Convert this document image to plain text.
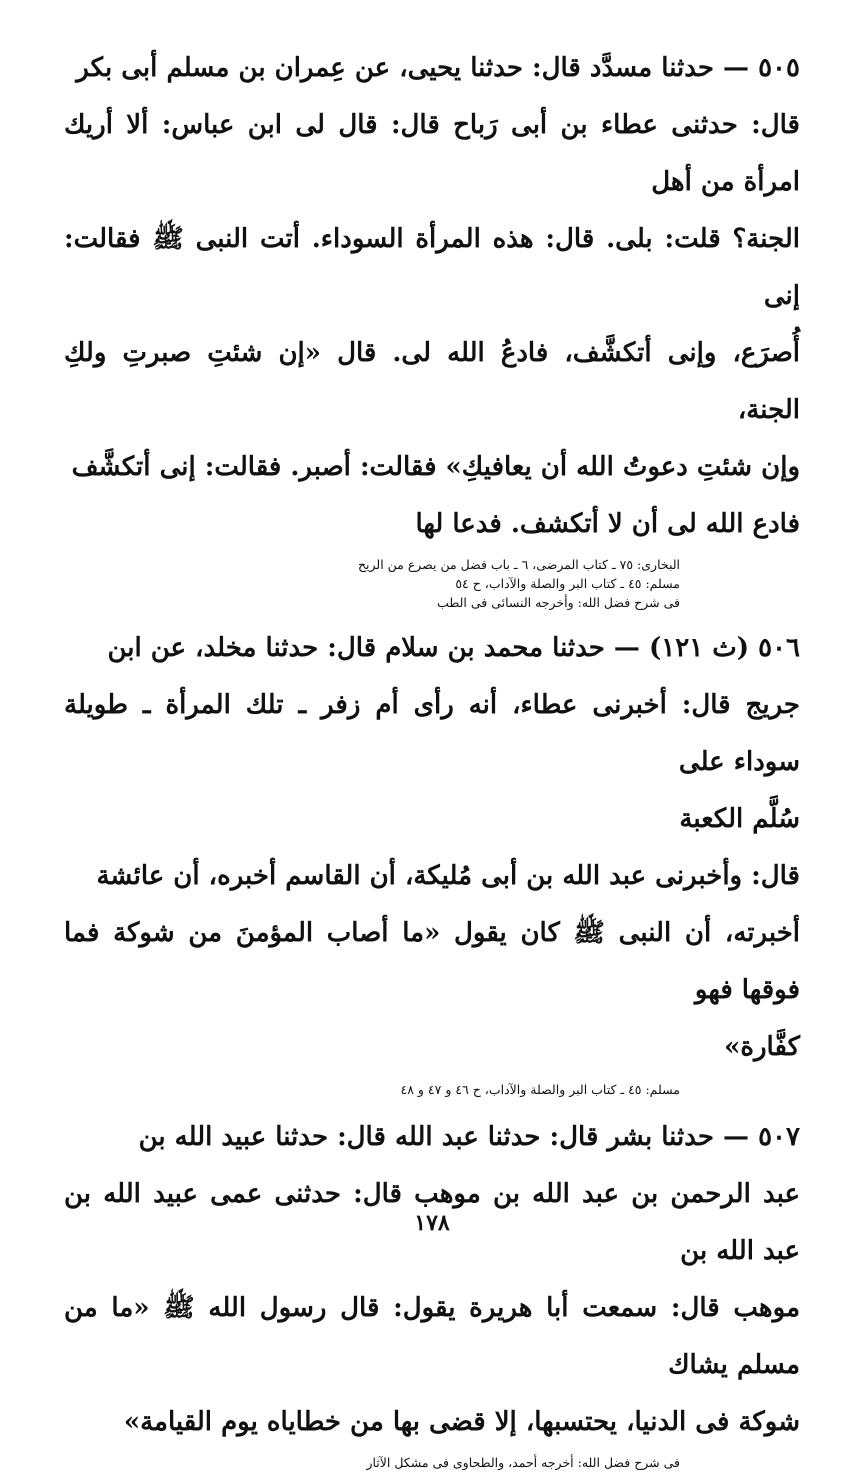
٥٠٥ — حدثنا مسدَّد قال: حدثنا يحيى، عن عِمران بن مسلم أبى بكر
قال: حدثنى عطاء بن أبى رَباح قال: قال لى ابن عباس: ألا أريك امرأة من أهل
الجنة؟ قلت: بلى. قال: هذه المرأة السوداء. أتت النبى ﷺ فقالت: إنى
أُصرَع، وإنى أتكشَّف، فادعُ الله لى. قال «إن شئتِ صبرتِ ولكِ الجنة،
وإن شئتِ دعوتُ الله أن يعافيكِ» فقالت: أصبر. فقالت: إنى أتكشَّف
فادع الله لى أن لا أتكشف. فدعا لها
البخارى: ٧٥ ـ كتاب المرضى، ٦ ـ باب فضل من يصرع من الريح
مسلم: ٤٥ ـ كتاب البر والصلة والآداب، ح ٥٤
فى شرح فضل الله: وأخرجه النسائى فى الطب
٥٠٦ (ث ١٢١) — حدثنا محمد بن سلام قال: حدثنا مخلد، عن ابن
جريج قال: أخبرنى عطاء، أنه رأى أم زفر ـ تلك المرأة ـ طويلة سوداء على
سُلَّم الكعبة
قال: وأخبرنى عبد الله بن أبى مُليكة، أن القاسم أخبره، أن عائشة
أخبرته، أن النبى ﷺ كان يقول «ما أصاب المؤمنَ من شوكة فما فوقها فهو
كفَّارة»
مسلم: ٤٥ ـ كتاب البر والصلة والآداب، ح ٤٦ و ٤٧ و ٤٨
٥٠٧ — حدثنا بشر قال: حدثنا عبد الله قال: حدثنا عبيد الله بن
عبد الرحمن بن عبد الله بن موهب قال: حدثنى عمى عبيد الله بن عبد الله بن
موهب قال: سمعت أبا هريرة يقول: قال رسول الله ﷺ «ما من مسلم يشاك
شوكة فى الدنيا، يحتسبها، إلا قضى بها من خطاياه يوم القيامة»
فى شرح فضل الله: أخرجه أحمد، والطحاوى فى مشكل الآثار
١٧٨
